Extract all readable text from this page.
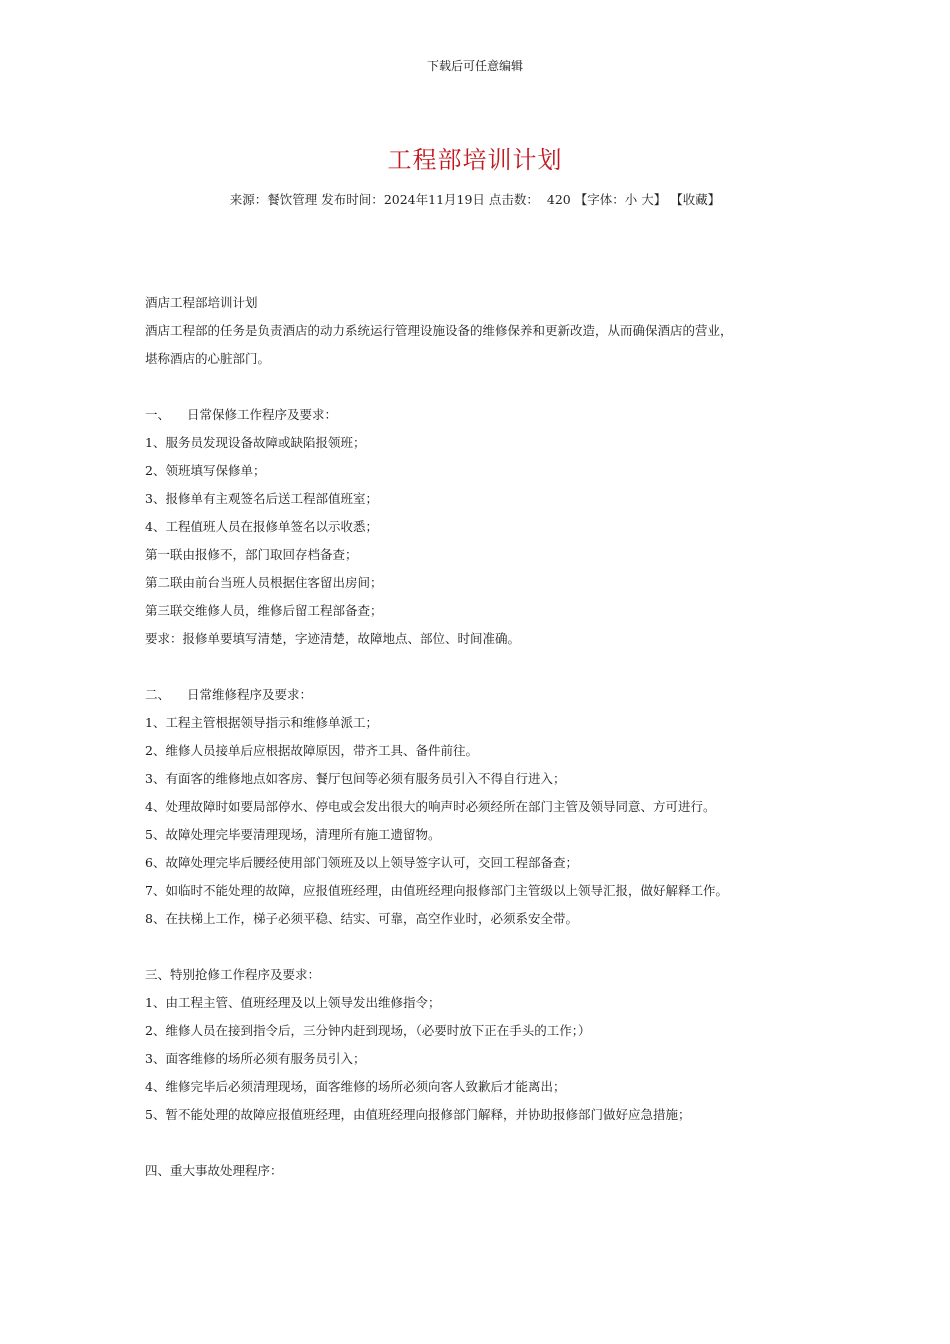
下载后可任意编辑
工程部培训计划
来源：餐饮管理 发布时间：2024年11月19日 点击数： 420 【字体：小 大】 【收藏】
酒店工程部培训计划
酒店工程部的任务是负责酒店的动力系统运行管理设施设备的维修保养和更新改造，从而确保酒店的营业，
堪称酒店的心脏部门。
一、 日常保修工作程序及要求：
1、服务员发现设备故障或缺陷报领班；
2、领班填写保修单；
3、报修单有主观签名后送工程部值班室；
4、工程值班人员在报修单签名以示收悉；
第一联由报修不，部门取回存档备查；
第二联由前台当班人员根据住客留出房间；
第三联交维修人员，维修后留工程部备查；
要求：报修单要填写清楚，字迹清楚，故障地点、部位、时间准确。
二、 日常维修程序及要求：
1、工程主管根据领导指示和维修单派工；
2、维修人员接单后应根据故障原因，带齐工具、备件前往。
3、有面客的维修地点如客房、餐厅包间等必须有服务员引入不得自行进入；
4、处理故障时如要局部停水、停电或会发出很大的响声时必须经所在部门主管及领导同意、方可进行。
5、故障处理完毕要清理现场，清理所有施工遗留物。
6、故障处理完毕后腰经使用部门领班及以上领导签字认可，交回工程部备查；
7、如临时不能处理的故障，应报值班经理，由值班经理向报修部门主管级以上领导汇报，做好解释工作。
8、在扶梯上工作，梯子必须平稳、结实、可靠，高空作业时，必须系安全带。
三、特别抢修工作程序及要求：
1、由工程主管、值班经理及以上领导发出维修指令；
2、维修人员在接到指令后，三分钟内赶到现场，（必要时放下正在手头的工作；）
3、面客维修的场所必须有服务员引入；
4、维修完毕后必须清理现场，面客维修的场所必须向客人致歉后才能离出；
5、暂不能处理的故障应报值班经理，由值班经理向报修部门解释，并协助报修部门做好应急措施；
四、重大事故处理程序：
